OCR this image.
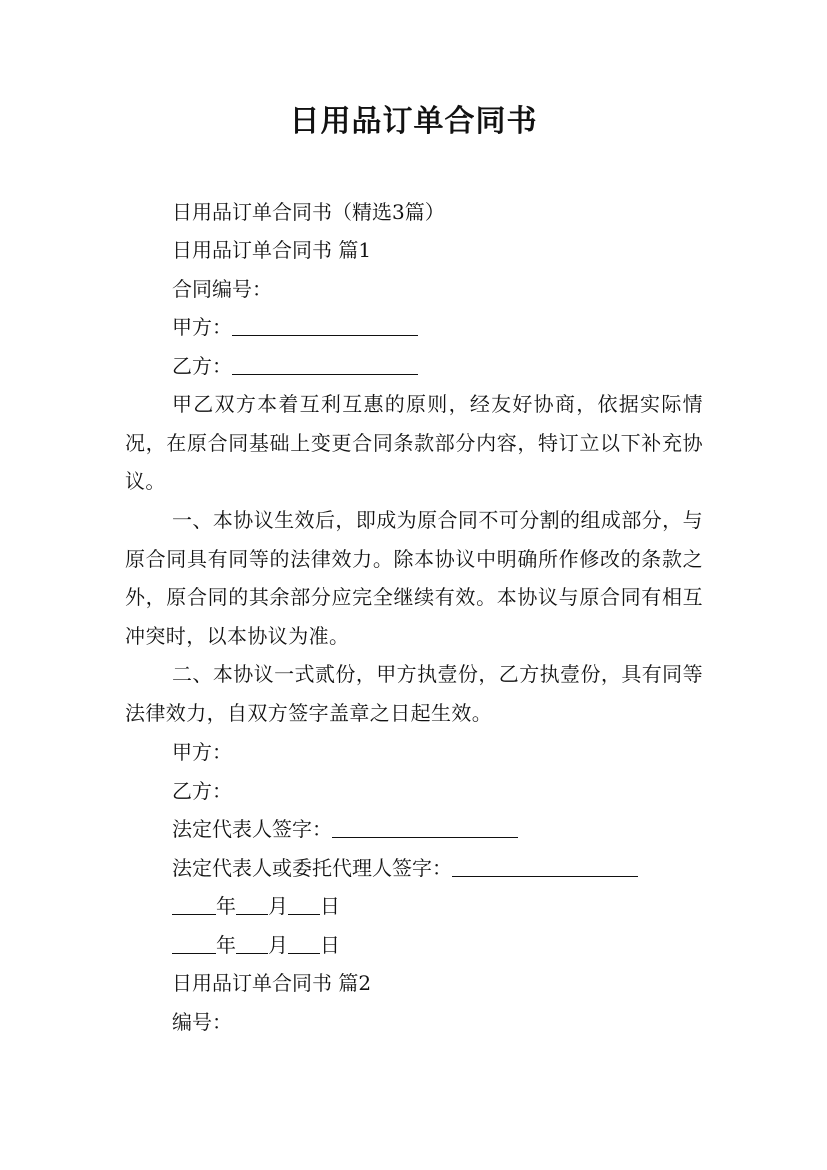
日用品订单合同书
日用品订单合同书（精选3篇）
日用品订单合同书 篇1
合同编号：
甲方：
乙方：
甲乙双方本着互利互惠的原则，经友好协商，依据实际情况，在原合同基础上变更合同条款部分内容，特订立以下补充协议。
一、本协议生效后，即成为原合同不可分割的组成部分，与原合同具有同等的法律效力。除本协议中明确所作修改的条款之外，原合同的其余部分应完全继续有效。本协议与原合同有相互冲突时，以本协议为准。
二、本协议一式贰份，甲方执壹份，乙方执壹份，具有同等法律效力，自双方签字盖章之日起生效。
甲方：
乙方：
法定代表人签字：
法定代表人或委托代理人签字：
年 月 日
年 月 日
日用品订单合同书 篇2
编号：
